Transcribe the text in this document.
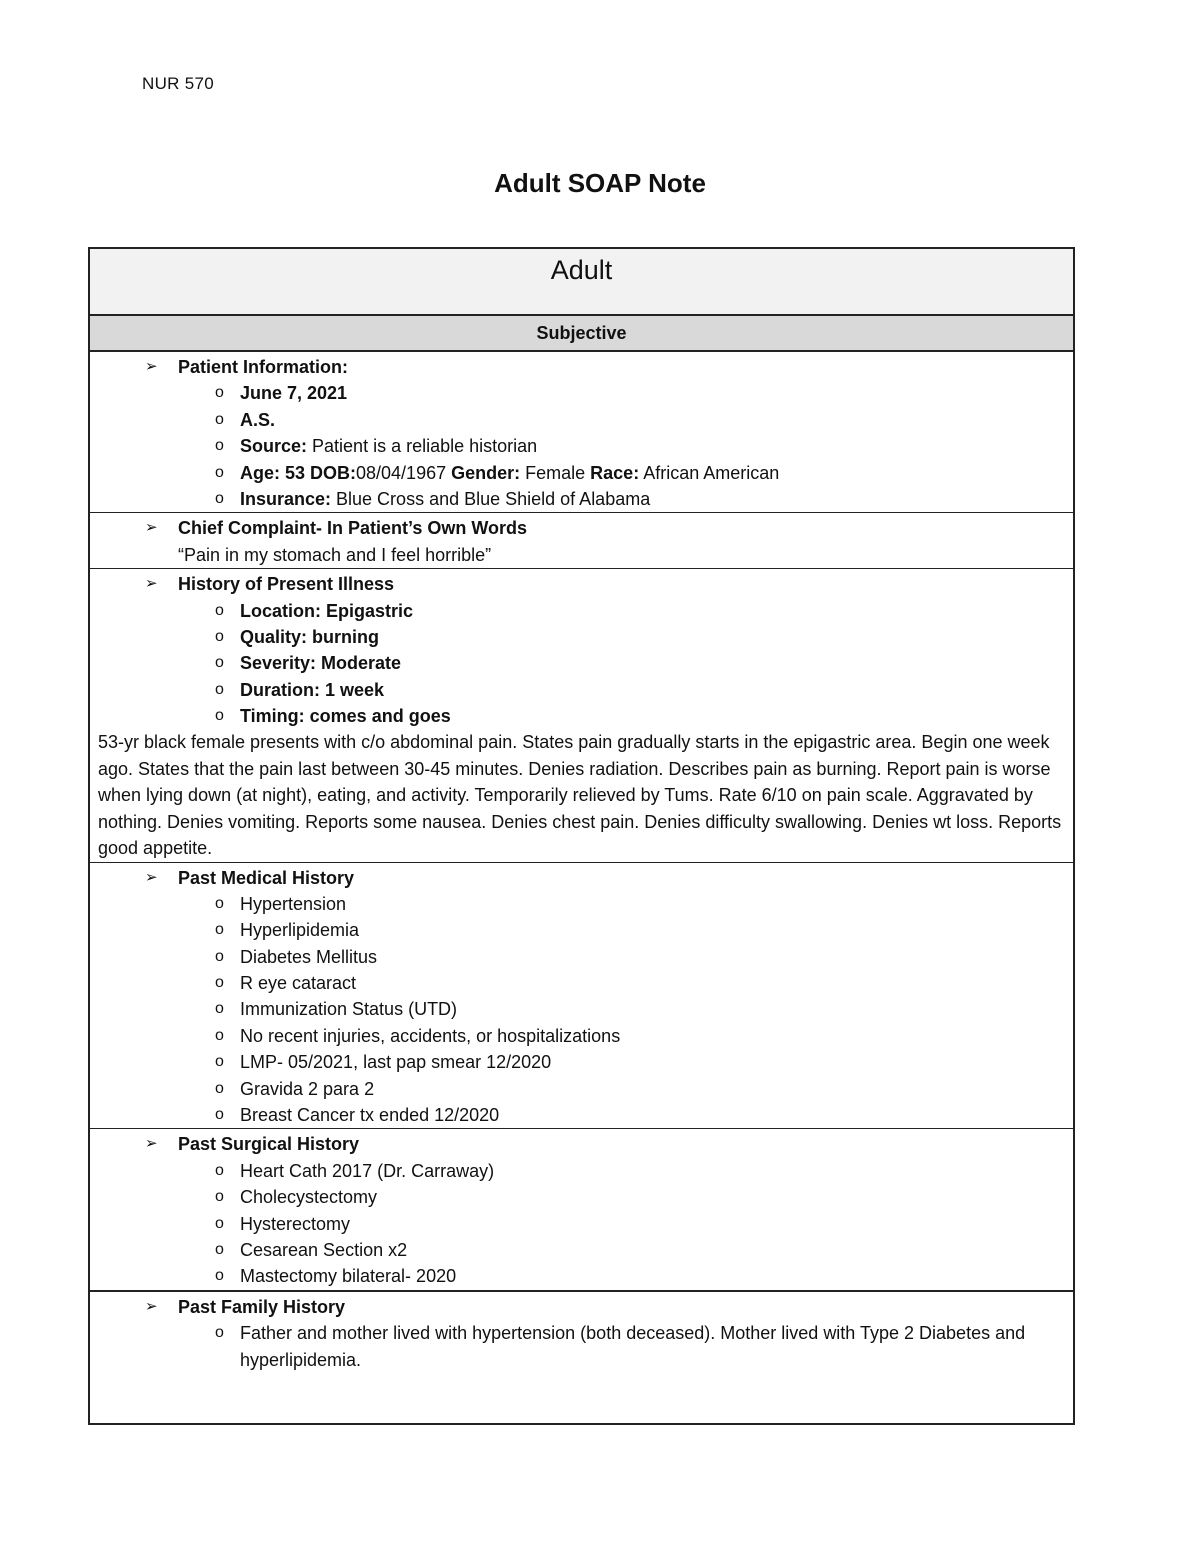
NUR 570
Adult SOAP Note
Adult
Subjective
➢ Patient Information:
o June 7, 2021
o A.S.
o Source: Patient is a reliable historian
o Age: 53 DOB:08/04/1967 Gender: Female Race: African American
o Insurance: Blue Cross and Blue Shield of Alabama
➢ Chief Complaint- In Patient’s Own Words
“Pain in my stomach and I feel horrible”
➢ History of Present Illness
o Location: Epigastric
o Quality: burning
o Severity: Moderate
o Duration: 1 week
o Timing: comes and goes
53-yr black female presents with c/o abdominal pain. States pain gradually starts in the epigastric area. Begin one week ago. States that the pain last between 30-45 minutes. Denies radiation. Describes pain as burning. Report pain is worse when lying down (at night), eating, and activity. Temporarily relieved by Tums. Rate 6/10 on pain scale. Aggravated by nothing. Denies vomiting. Reports some nausea. Denies chest pain. Denies difficulty swallowing. Denies wt loss. Reports good appetite.
➢ Past Medical History
o Hypertension
o Hyperlipidemia
o Diabetes Mellitus
o R eye cataract
o Immunization Status (UTD)
o No recent injuries, accidents, or hospitalizations
o LMP- 05/2021, last pap smear 12/2020
o Gravida 2 para 2
o Breast Cancer tx ended 12/2020
➢ Past Surgical History
o Heart Cath 2017 (Dr. Carraway)
o Cholecystectomy
o Hysterectomy
o Cesarean Section x2
o Mastectomy bilateral- 2020
➢ Past Family History
o Father and mother lived with hypertension (both deceased). Mother lived with Type 2 Diabetes and hyperlipidemia.
